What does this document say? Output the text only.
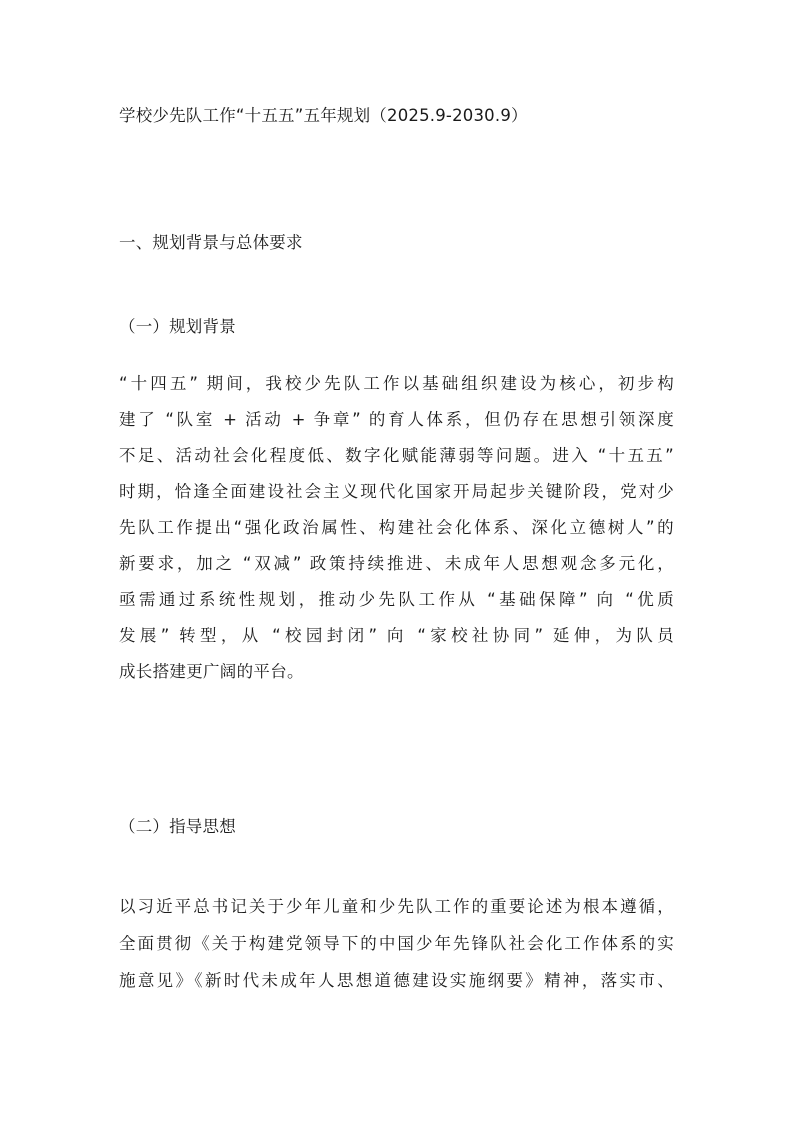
学校少先队工作“十五五”五年规划（2025.9-2030.9）
一、规划背景与总体要求
（一）规划背景
“十四五” 期间，我校少先队工作以基础组织建设为核心，初步构
建了 “队室 + 活动 + 争章” 的育人体系，但仍存在思想引领深度
不足、活动社会化程度低、数字化赋能薄弱等问题。进入 “十五五”
时期，恰逢全面建设社会主义现代化国家开局起步关键阶段，党对少
先队工作提出“强化政治属性、构建社会化体系、深化立德树人”的
新要求，加之 “双减” 政策持续推进、未成年人思想观念多元化，
亟需通过系统性规划，推动少先队工作从 “基础保障” 向 “优质
发展” 转型，从 “校园封闭” 向 “家校社协同” 延伸，为队员
成长搭建更广阔的平台。
（二）指导思想
以习近平总书记关于少年儿童和少先队工作的重要论述为根本遵循，
全面贯彻《关于构建党领导下的中国少年先锋队社会化工作体系的实
施意见》《新时代未成年人思想道德建设实施纲要》精神，落实市、
